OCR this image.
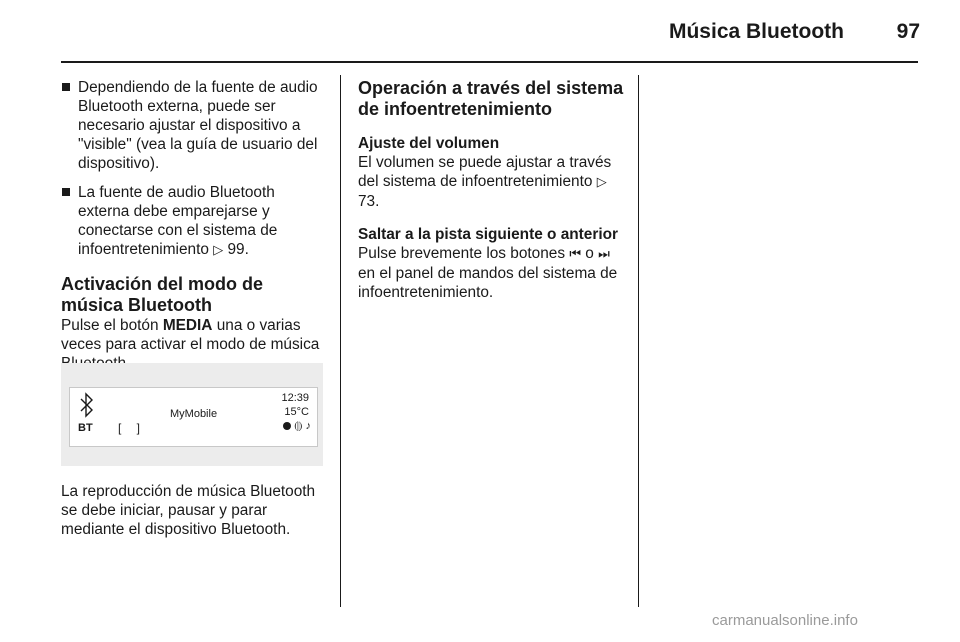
Música Bluetooth	97
Dependiendo de la fuente de audio Bluetooth externa, puede ser necesario ajustar el dispositivo a "visible" (vea la guía de usuario del dispositivo).
La fuente de audio Bluetooth externa debe emparejarse y conectarse con el sistema de infoentretenimiento ▷ 99.
Activación del modo de música Bluetooth

Pulse el botón MEDIA una o varias veces para activar el modo de música

BT [ ]
MyMobile
12:39
15°C
⦇⦈ ♪

La reproducción de música Bluetooth se debe iniciar, pausar y parar mediante el dispositivo Bluetooth.

Operación a través del sistema de infoentretenimiento
Ajuste del volumen

El volumen se puede ajustar a través del sistema de infoentretenimiento ▷ 73.

Saltar a la pista siguiente o anterior

Pulse brevemente los botones ⏮ o ⏭ en el panel de mandos del sistema de infoentretenimiento.

carmanualsonline.info
